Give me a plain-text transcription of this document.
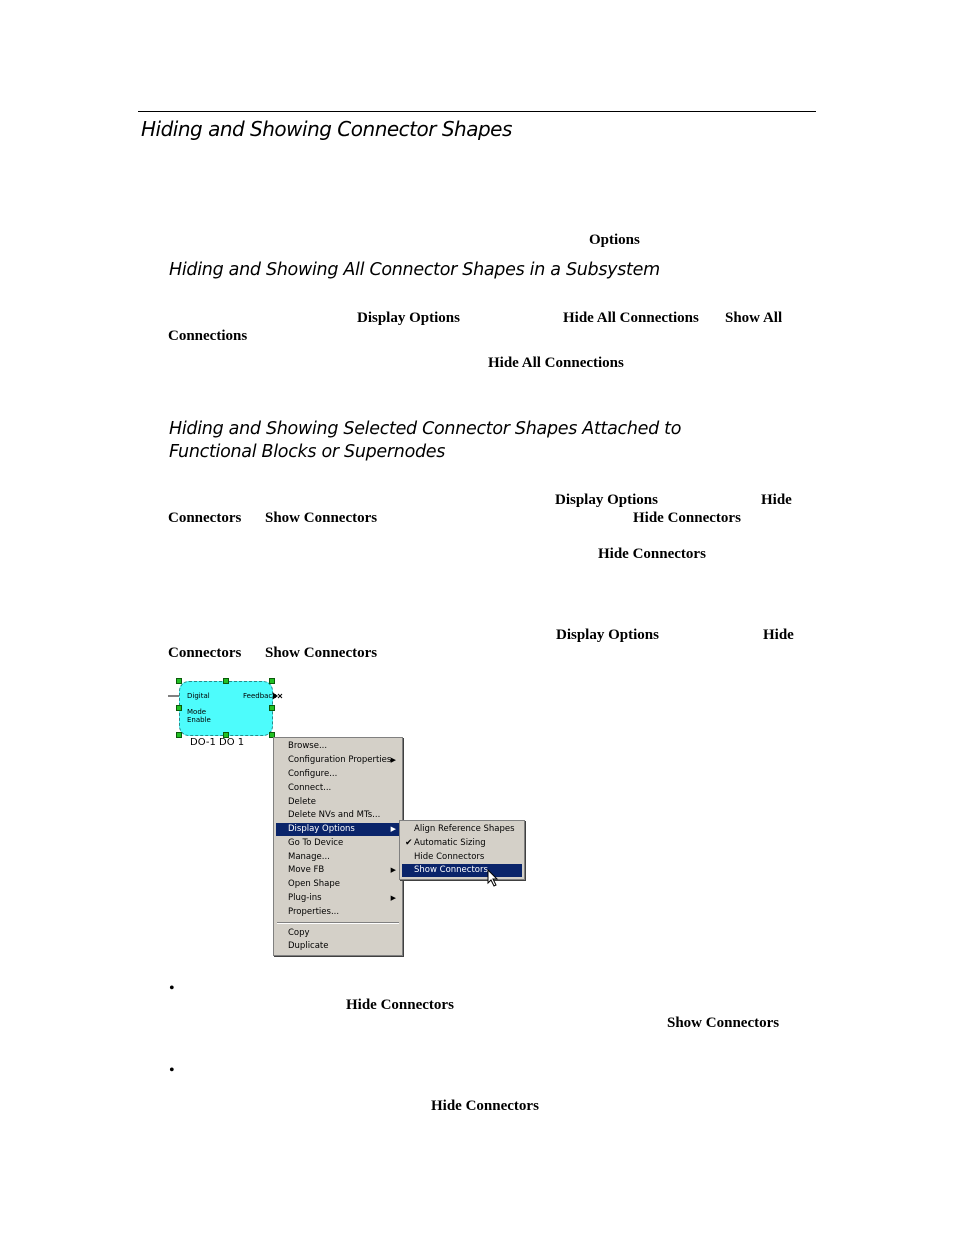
Hiding and Showing Connector Shapes
Options
Hiding and Showing All Connector Shapes in a Subsystem
Display Options	Hide All Connections Show All
Connections
Hide All Connections
Hiding and Showing Selected Connector Shapes Attached to
Functional Blocks or Supernodes
Display Options	Hide
Connectors Show Connectors	Hide Connectors
Hide Connectors
Display Options	Hide
Connectors Show Connectors
Digital
Mode
Enable
Feedback
DO-1 DO 1	Browse...
Configuration Properties ▶
Configure...
Connect...
Delete
Delete NVs and MTs...
Display Options	▶
Go To Device
Manage...
Move FB	▶
Open Shape
Plug-ins	▶
Properties...
Copy
Duplicate
Align Reference Shapes
✔ Automatic Sizing
Hide Connectors
Show Connectors
•
Hide Connectors
Show Connectors
•
Hide Connectors
